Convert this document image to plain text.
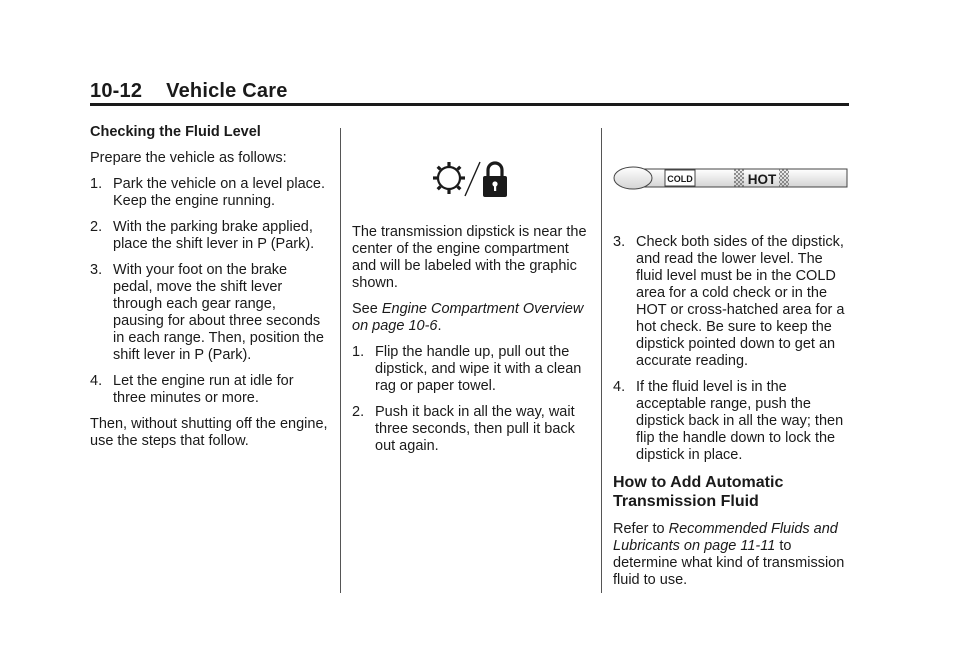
10-12 Vehicle Care

Checking the Fluid Level

Prepare the vehicle as follows:

1. Park the vehicle on a level place. Keep the engine running.
2. With the parking brake applied, place the shift lever in P (Park).
3. With your foot on the brake pedal, move the shift lever through each gear range, pausing for about three seconds in each range. Then, position the shift lever in P (Park).
4. Let the engine run at idle for three minutes or more.

Then, without shutting off the engine, use the steps that follow.

The transmission dipstick is near the center of the engine compartment and will be labeled with the graphic shown.

See Engine Compartment Overview on page 10-6.

1. Flip the handle up, pull out the dipstick, and wipe it with a clean rag or paper towel.
2. Push it back in all the way, wait three seconds, then pull it back out again.
COLD	HOT
3. Check both sides of the dipstick, and read the lower level. The fluid level must be in the COLD area for a cold check or in the HOT or cross-hatched area for a hot check. Be sure to keep the dipstick pointed down to get an accurate reading.
4. If the fluid level is in the acceptable range, push the dipstick back in all the way; then flip the handle down to lock the dipstick in place.
How to Add Automatic Transmission Fluid

Refer to Recommended Fluids and Lubricants on page 11-11 to determine what kind of transmission fluid to use.
